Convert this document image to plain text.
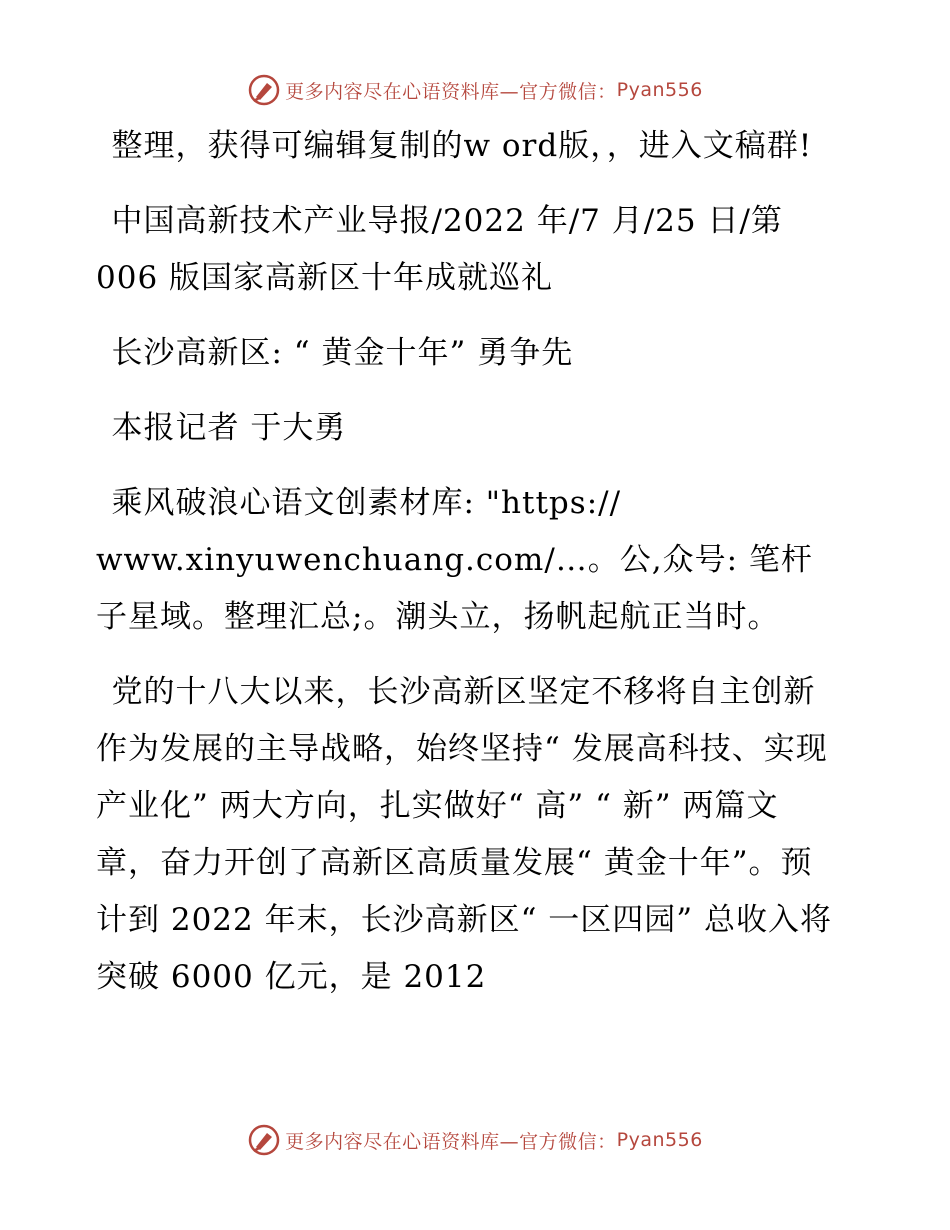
更多内容尽在心语资料库—官方微信： Pyan556

整理，获得可编辑复制的w ord版，，进入文稿群!

中国高新技术产业导报/2022 年/7 月/25 日/第006 版国家高新区十年成就巡礼

长沙高新区: “ 黄金十年” 勇争先

本报记者 于大勇

乘风破浪心语文创素材库: "https:// www.xinyuwenchuang.com/…。公,众号: 笔杆子星域。整理汇总;。潮头立，扬帆起航正当时。

党的十八大以来，长沙高新区坚定不移将自主创新作为发展的主导战略，始终坚持“ 发展高科技、实现产业化” 两大方向，扎实做好“ 高” “ 新” 两篇文章，奋力开创了高新区高质量发展“ 黄金十年”。预计到 2022 年末，长沙高新区“ 一区四园” 总收入将突破 6000 亿元，是 2012

更多内容尽在心语资料库—官方微信： Pyan556
